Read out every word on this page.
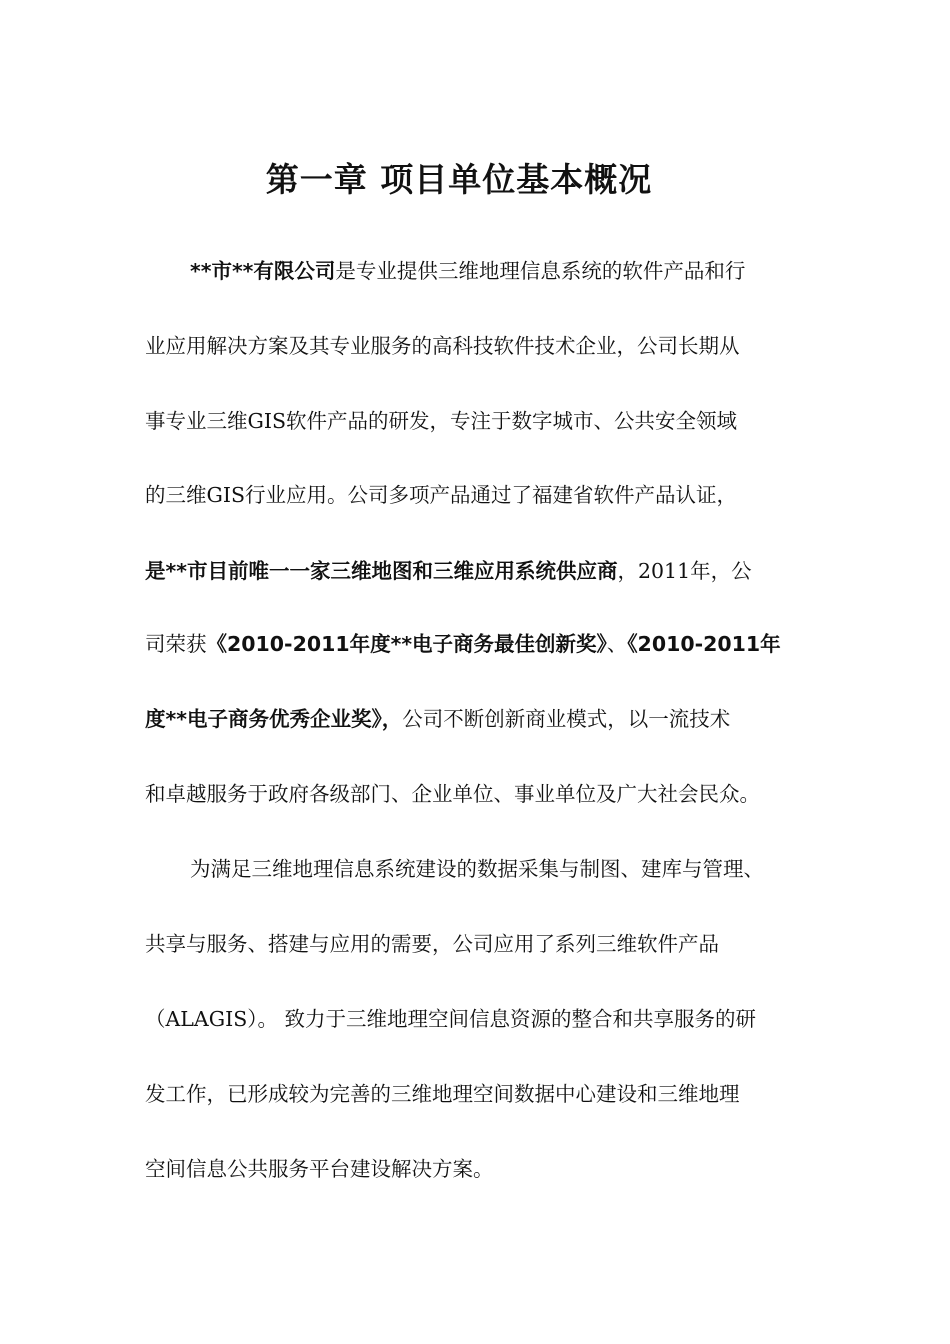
第一章 项目单位基本概况
**市**有限公司是专业提供三维地理信息系统的软件产品和行
业应用解决方案及其专业服务的高科技软件技术企业，公司长期从
事专业三维GIS软件产品的研发，专注于数字城市、公共安全领域
的三维GIS行业应用。公司多项产品通过了福建省软件产品认证，
是**市目前唯一一家三维地图和三维应用系统供应商，2011年，公
司荣获《2010-2011年度**电子商务最佳创新奖》、《2010-2011年
度**电子商务优秀企业奖》，公司不断创新商业模式，以一流技术
和卓越服务于政府各级部门、企业单位、事业单位及广大社会民众。
为满足三维地理信息系统建设的数据采集与制图、建库与管理、
共享与服务、搭建与应用的需要，公司应用了系列三维软件产品
（ALAGIS）。 致力于三维地理空间信息资源的整合和共享服务的研
发工作，已形成较为完善的三维地理空间数据中心建设和三维地理
空间信息公共服务平台建设解决方案。
